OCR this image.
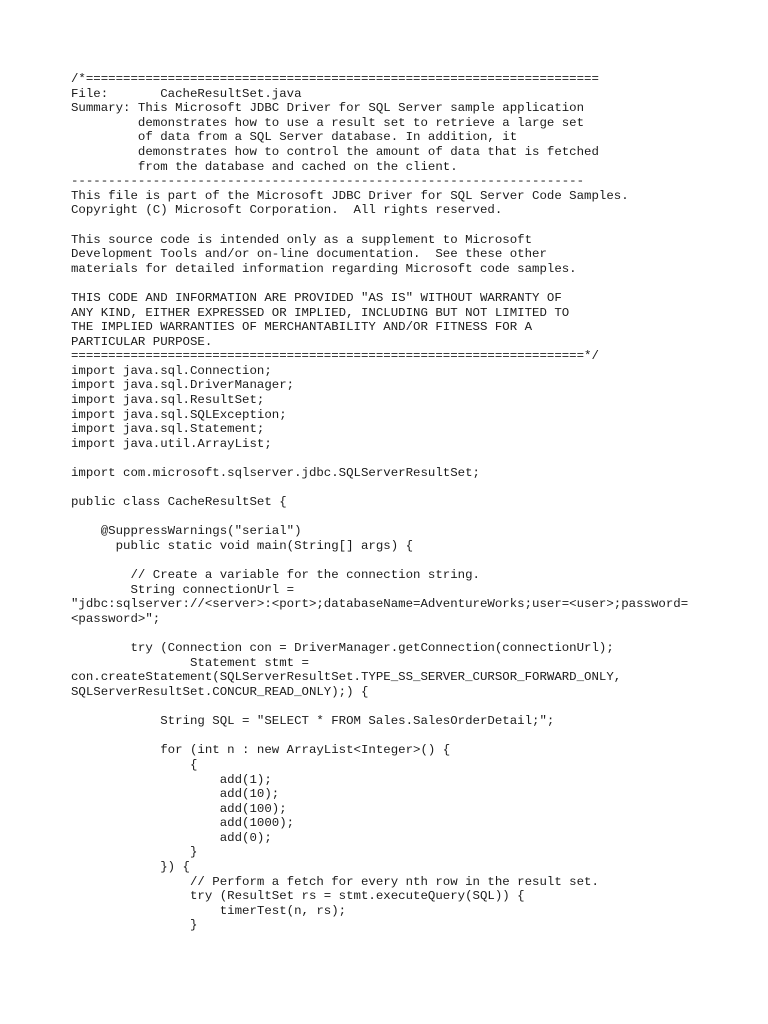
/*=====================================================================
File:       CacheResultSet.java
Summary: This Microsoft JDBC Driver for SQL Server sample application
demonstrates how to use a result set to retrieve a large set
of data from a SQL Server database. In addition, it
demonstrates how to control the amount of data that is fetched
from the database and cached on the client.
---------------------------------------------------------------------
This file is part of the Microsoft JDBC Driver for SQL Server Code Samples.
Copyright (C) Microsoft Corporation.  All rights reserved.
This source code is intended only as a supplement to Microsoft
Development Tools and/or on-line documentation.  See these other
materials for detailed information regarding Microsoft code samples.
THIS CODE AND INFORMATION ARE PROVIDED "AS IS" WITHOUT WARRANTY OF
ANY KIND, EITHER EXPRESSED OR IMPLIED, INCLUDING BUT NOT LIMITED TO
THE IMPLIED WARRANTIES OF MERCHANTABILITY AND/OR FITNESS FOR A
PARTICULAR PURPOSE.
=====================================================================*/
import java.sql.Connection;
import java.sql.DriverManager;
import java.sql.ResultSet;
import java.sql.SQLException;
import java.sql.Statement;
import java.util.ArrayList;
import com.microsoft.sqlserver.jdbc.SQLServerResultSet;
public class CacheResultSet {
@SuppressWarnings("serial")
public static void main(String[] args) {
// Create a variable for the connection string.
String connectionUrl =
"jdbc:sqlserver://<server>:<port>;databaseName=AdventureWorks;user=<user>;password=
<password>";
try (Connection con = DriverManager.getConnection(connectionUrl);
Statement stmt =
con.createStatement(SQLServerResultSet.TYPE_SS_SERVER_CURSOR_FORWARD_ONLY,
SQLServerResultSet.CONCUR_READ_ONLY);) {
String SQL = "SELECT * FROM Sales.SalesOrderDetail;";
for (int n : new ArrayList<Integer>() {
{
add(1);
add(10);
add(100);
add(1000);
add(0);
}
}) {
// Perform a fetch for every nth row in the result set.
try (ResultSet rs = stmt.executeQuery(SQL)) {
timerTest(n, rs);
}
